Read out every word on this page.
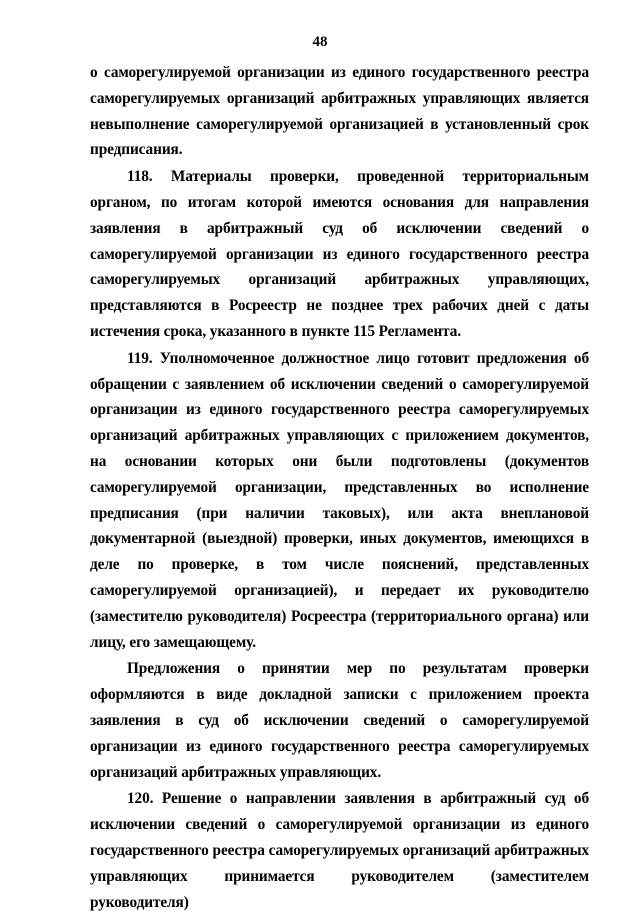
48

о саморегулируемой организации из единого государственного реестра саморегулируемых организаций арбитражных управляющих является невыполнение саморегулируемой организацией в установленный срок предписания.

118. Материалы проверки, проведенной территориальным органом, по итогам которой имеются основания для направления заявления в арбитражный суд об исключении сведений о саморегулируемой организации из единого государственного реестра саморегулируемых организаций арбитражных управляющих, представляются в Росреестр не позднее трех рабочих дней с даты истечения срока, указанного в пункте 115 Регламента.

119. Уполномоченное должностное лицо готовит предложения об обращении с заявлением об исключении сведений о саморегулируемой организации из единого государственного реестра саморегулируемых организаций арбитражных управляющих с приложением документов, на основании которых они были подготовлены (документов саморегулируемой организации, представленных во исполнение предписания (при наличии таковых), или акта внеплановой документарной (выездной) проверки, иных документов, имеющихся в деле по проверке, в том числе пояснений, представленных саморегулируемой организацией), и передает их руководителю (заместителю руководителя) Росреестра (территориального органа) или лицу, его замещающему.

Предложения о принятии мер по результатам проверки оформляются в виде докладной записки с приложением проекта заявления в суд об исключении сведений о саморегулируемой организации из единого государственного реестра саморегулируемых организаций арбитражных управляющих.

120. Решение о направлении заявления в арбитражный суд об исключении сведений о саморегулируемой организации из единого государственного реестра саморегулируемых организаций арбитражных управляющих принимается руководителем (заместителем руководителя)
